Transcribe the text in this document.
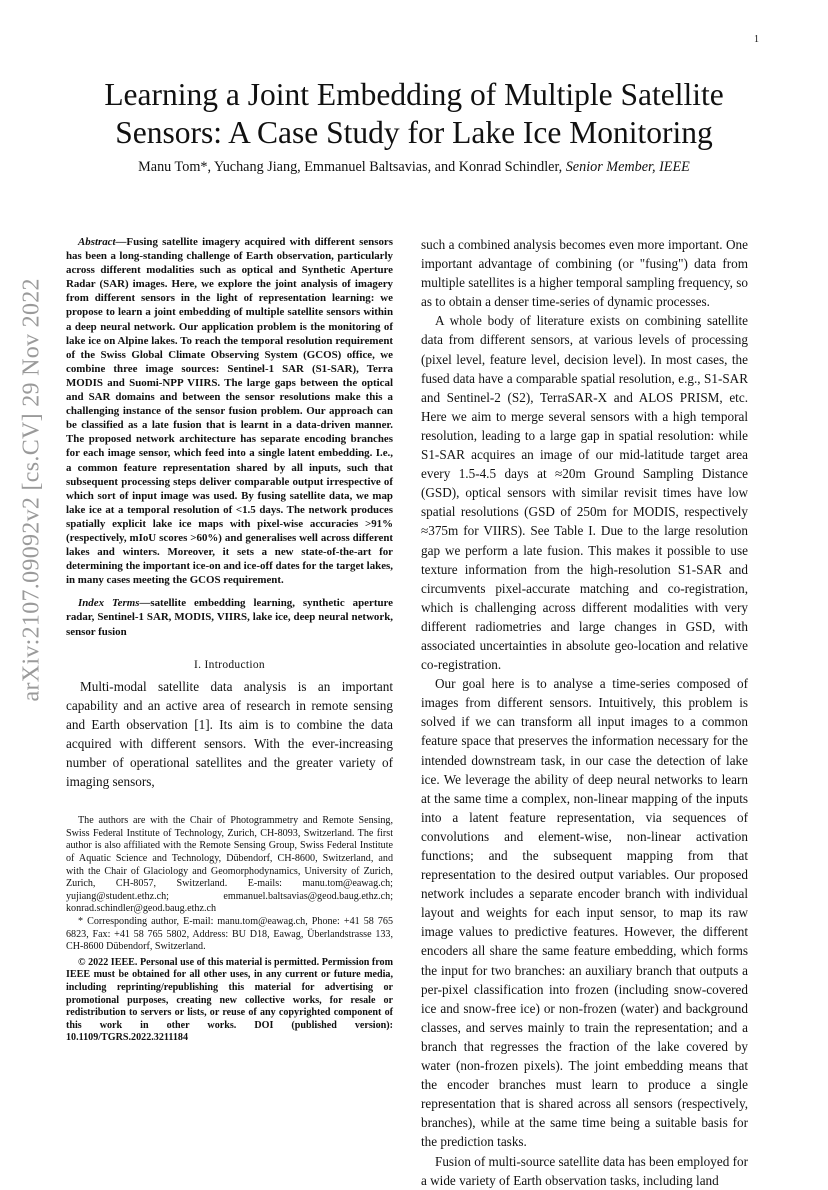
1
arXiv:2107.09092v2 [cs.CV] 29 Nov 2022
Learning a Joint Embedding of Multiple Satellite Sensors: A Case Study for Lake Ice Monitoring
Manu Tom*, Yuchang Jiang, Emmanuel Baltsavias, and Konrad Schindler, Senior Member, IEEE

Abstract—Fusing satellite imagery acquired with different sensors has been a long-standing challenge of Earth observation, particularly across different modalities such as optical and Synthetic Aperture Radar (SAR) images. Here, we explore the joint analysis of imagery from different sensors in the light of representation learning: we propose to learn a joint embedding of multiple satellite sensors within a deep neural network. Our application problem is the monitoring of lake ice on Alpine lakes. To reach the temporal resolution requirement of the Swiss Global Climate Observing System (GCOS) office, we combine three image sources: Sentinel-1 SAR (S1-SAR), Terra MODIS and Suomi-NPP VIIRS. The large gaps between the optical and SAR domains and between the sensor resolutions make this a challenging instance of the sensor fusion problem. Our approach can be classified as a late fusion that is learnt in a data-driven manner. The proposed network architecture has separate encoding branches for each image sensor, which feed into a single latent embedding. I.e., a common feature representation shared by all inputs, such that subsequent processing steps deliver comparable output irrespective of which sort of input image was used. By fusing satellite data, we map lake ice at a temporal resolution of <1.5 days. The network produces spatially explicit lake ice maps with pixel-wise accuracies >91% (respectively, mIoU scores >60%) and generalises well across different lakes and winters. Moreover, it sets a new state-of-the-art for determining the important ice-on and ice-off dates for the target lakes, in many cases meeting the GCOS requirement.

Index Terms—satellite embedding learning, synthetic aperture radar, Sentinel-1 SAR, MODIS, VIIRS, lake ice, deep neural network, sensor fusion

I. Introduction

Multi-modal satellite data analysis is an important capability and an active area of research in remote sensing and Earth observation [1]. Its aim is to combine the data acquired with different sensors. With the ever-increasing number of operational satellites and the greater variety of imaging sensors,

The authors are with the Chair of Photogrammetry and Remote Sensing, Swiss Federal Institute of Technology, Zurich, CH-8093, Switzerland. The first author is also affiliated with the Remote Sensing Group, Swiss Federal Institute of Aquatic Science and Technology, Dübendorf, CH-8600, Switzerland, and with the Chair of Glaciology and Geomorphodynamics, University of Zurich, Zurich, CH-8057, Switzerland. E-mails: manu.tom@eawag.ch; yujiang@student.ethz.ch; emmanuel.baltsavias@geod.baug.ethz.ch; konrad.schindler@geod.baug.ethz.ch

* Corresponding author, E-mail: manu.tom@eawag.ch, Phone: +41 58 765 6823, Fax: +41 58 765 5802, Address: BU D18, Eawag, Überlandstrasse 133, CH-8600 Dübendorf, Switzerland.

© 2022 IEEE. Personal use of this material is permitted. Permission from IEEE must be obtained for all other uses, in any current or future media, including reprinting/republishing this material for advertising or promotional purposes, creating new collective works, for resale or redistribution to servers or lists, or reuse of any copyrighted component of this work in other works. DOI (published version): 10.1109/TGRS.2022.3211184

such a combined analysis becomes even more important. One important advantage of combining (or "fusing") data from multiple satellites is a higher temporal sampling frequency, so as to obtain a denser time-series of dynamic processes.

A whole body of literature exists on combining satellite data from different sensors, at various levels of processing (pixel level, feature level, decision level). In most cases, the fused data have a comparable spatial resolution, e.g., S1-SAR and Sentinel-2 (S2), TerraSAR-X and ALOS PRISM, etc. Here we aim to merge several sensors with a high temporal resolution, leading to a large gap in spatial resolution: while S1-SAR acquires an image of our mid-latitude target area every 1.5-4.5 days at ≈20m Ground Sampling Distance (GSD), optical sensors with similar revisit times have low spatial resolutions (GSD of 250m for MODIS, respectively ≈375m for VIIRS). See Table I. Due to the large resolution gap we perform a late fusion. This makes it possible to use texture information from the high-resolution S1-SAR and circumvents pixel-accurate matching and co-registration, which is challenging across different modalities with very different radiometries and large changes in GSD, with associated uncertainties in absolute geo-location and relative co-registration.

Our goal here is to analyse a time-series composed of images from different sensors. Intuitively, this problem is solved if we can transform all input images to a common feature space that preserves the information necessary for the intended downstream task, in our case the detection of lake ice. We leverage the ability of deep neural networks to learn at the same time a complex, non-linear mapping of the inputs into a latent feature representation, via sequences of convolutions and element-wise, non-linear activation functions; and the subsequent mapping from that representation to the desired output variables. Our proposed network includes a separate encoder branch with individual layout and weights for each input sensor, to map its raw image values to predictive features. However, the different encoders all share the same feature embedding, which forms the input for two branches: an auxiliary branch that outputs a per-pixel classification into frozen (including snow-covered ice and snow-free ice) or non-frozen (water) and background classes, and serves mainly to train the representation; and a branch that regresses the fraction of the lake covered by water (non-frozen pixels). The joint embedding means that the encoder branches must learn to produce a single representation that is shared across all sensors (respectively, branches), while at the same time being a suitable basis for the prediction tasks.

Fusion of multi-source satellite data has been employed for a wide variety of Earth observation tasks, including land
